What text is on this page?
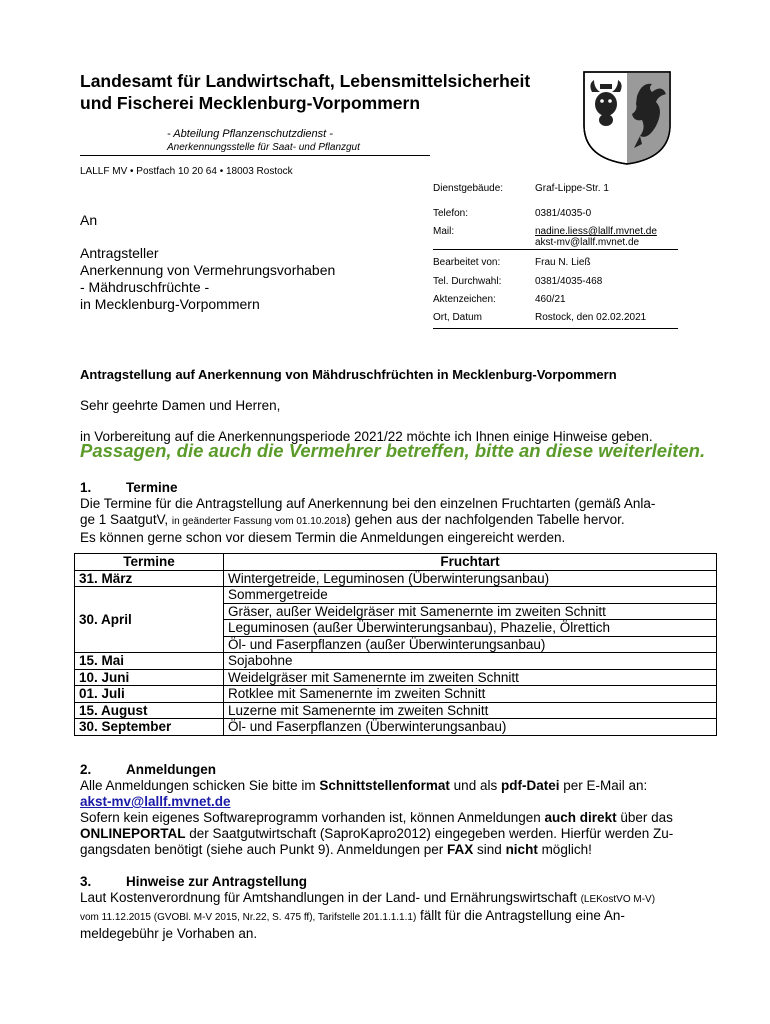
Landesamt für Landwirtschaft, Lebensmittelsicherheit
und Fischerei Mecklenburg-Vorpommern
- Abteilung Pflanzenschutzdienst -
Anerkennungsstelle für Saat- und Pflanzgut
LALLF MV • Postfach 10 20 64 • 18003 Rostock
Dienstgebäude:	Graf-Lippe-Str. 1
Telefon:	0381/4035-0
Mail:	nadine.liess@lallf.mvnet.de
akst-mv@lallf.mvnet.de
Bearbeitet von:	Frau N. Ließ
Tel. Durchwahl:	0381/4035-468
Aktenzeichen:	460/21
Ort, Datum	Rostock, den 02.02.2021
An
Antragsteller
Anerkennung von Vermehrungsvorhaben
- Mähdruschfrüchte -
in Mecklenburg-Vorpommern
Antragstellung auf Anerkennung von Mähdruschfrüchten in Mecklenburg-Vorpommern
Sehr geehrte Damen und Herren,
in Vorbereitung auf die Anerkennungsperiode 2021/22 möchte ich Ihnen einige Hinweise geben.
Passagen, die auch die Vermehrer betreffen, bitte an diese weiterleiten.
1.	Termine
Die Termine für die Antragstellung auf Anerkennung bei den einzelnen Fruchtarten (gemäß Anla-
ge 1 SaatgutV, in geänderter Fassung vom 01.10.2018) gehen aus der nachfolgenden Tabelle hervor.
Es können gerne schon vor diesem Termin die Anmeldungen eingereicht werden.
Termine	Fruchtart
31. März	Wintergetreide, Leguminosen (Überwinterungsanbau)
30. April	Sommergetreide
	Gräser, außer Weidelgräser mit Samenernte im zweiten Schnitt
	Leguminosen (außer Überwinterungsanbau), Phazelie, Ölrettich
	Öl- und Faserpflanzen (außer Überwinterungsanbau)
15. Mai	Sojabohne
10. Juni	Weidelgräser mit Samenernte im zweiten Schnitt
01. Juli	Rotklee mit Samenernte im zweiten Schnitt
15. August	Luzerne mit Samenernte im zweiten Schnitt
30. September	Öl- und Faserpflanzen (Überwinterungsanbau)
2.	Anmeldungen
Alle Anmeldungen schicken Sie bitte im Schnittstellenformat und als pdf-Datei per E-Mail an:
akst-mv@lallf.mvnet.de
Sofern kein eigenes Softwareprogramm vorhanden ist, können Anmeldungen auch direkt über das
ONLINEPORTAL der Saatgutwirtschaft (SaproKapro2012) eingegeben werden. Hierfür werden Zu-
gangsdaten benötigt (siehe auch Punkt 9). Anmeldungen per FAX sind nicht möglich!
3.	Hinweise zur Antragstellung
Laut Kostenverordnung für Amtshandlungen in der Land- und Ernährungswirtschaft (LEKostVO M-V)
vom 11.12.2015 (GVOBl. M-V 2015, Nr.22, S. 475 ff), Tarifstelle 201.1.1.1.1) fällt für die Antragstellung eine An-
meldegebühr je Vorhaben an.
